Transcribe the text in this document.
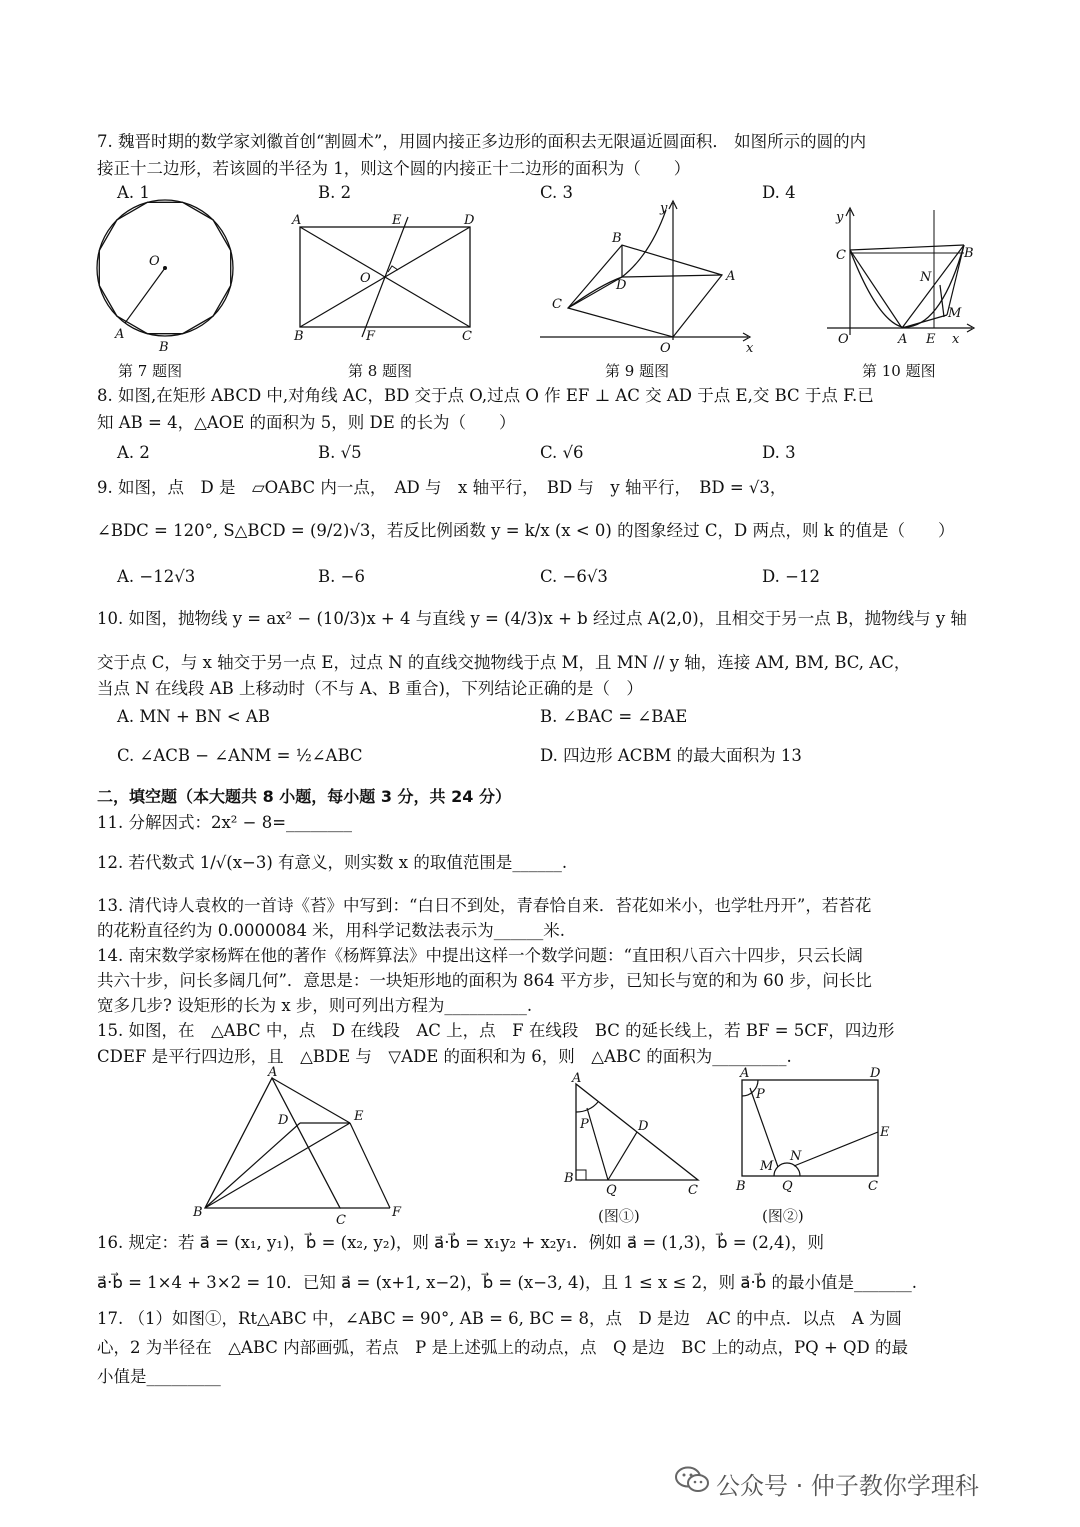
7. 魏晋时期的数学家刘徽首创“割圆术”，用圆内接正多边形的面积去无限逼近圆面积． 如图所示的圆的内
接正十二边形，若该圆的半径为 1，则这个圆的内接正十二边形的面积为（　　）
A. 1	B. 2	C. 3	D. 4
O
A
B
A	E	D
O
B	F	C
y
B
D
A
C
O	x
y
C	B
N
M
O	A E x
第 7 题图	第 8 题图	第 9 题图	第 10 题图
8. 如图,在矩形 ABCD 中,对角线 AC，BD 交于点 O,过点 O 作 EF ⊥ AC 交 AD 于点 E,交 BC 于点 F.已
知 AB = 4，△AOE 的面积为 5，则 DE 的长为（　　）
A. 2	B. √5	C. √6	D. 3
9. 如图，点　D 是　▱OABC 内一点，　AD 与　x 轴平行，　BD 与　y 轴平行，　BD = √3，
∠BDC = 120°, S△BCD = (9/2)√3，若反比例函数 y = k/x (x < 0) 的图象经过 C，D 两点，则 k 的值是（　　）
A. −12√3	B. −6	C. −6√3	D. −12
10. 如图，抛物线 y = ax² − (10/3)x + 4 与直线 y = (4/3)x + b 经过点 A(2,0)，且相交于另一点 B，抛物线与 y 轴
交于点 C，与 x 轴交于另一点 E，过点 N 的直线交抛物线于点 M，且 MN // y 轴，连接 AM, BM, BC, AC，
当点 N 在线段 AB 上移动时（不与 A、B 重合)，下列结论正确的是（　）
A. MN + BN < AB	B. ∠BAC = ∠BAE
C. ∠ACB − ∠ANM = ½∠ABC	D. 四边形 ACBM 的最大面积为 13
二，填空题（本大题共 8 小题，每小题 3 分，共 24 分）
11. 分解因式：2x² − 8=________
12. 若代数式 1/√(x−3) 有意义，则实数 x 的取值范围是______.
13. 清代诗人袁枚的一首诗《苔》中写到：“白日不到处，青春恰自来．苔花如米小，也学牡丹开”，若苔花
的花粉直径约为 0.0000084 米，用科学记数法表示为______米.
14. 南宋数学家杨辉在他的著作《杨辉算法》中提出这样一个数学问题：“直田积八百六十四步，只云长阔
共六十步，问长多阔几何”．意思是：一块矩形地的面积为 864 平方步，已知长与宽的和为 60 步，问长比
宽多几步? 设矩形的长为 x 步，则可列出方程为__________.
15. 如图，在　△ABC 中，点　D 在线段　AC 上，点　F 在线段　BC 的延长线上，若 BF = 5CF，四边形
CDEF 是平行四边形，且　△BDE 与　▽ADE 的面积和为 6，则　△ABC 的面积为_________.
A
D	E
B
C
F
A
P	D
B
Q	C
(图①)
A	D
P
E
M
N
B	Q	C
(图②)
16. 规定：若 a⃗ = (x₁, y₁)，b⃗ = (x₂, y₂)，则 a⃗·b⃗ = x₁y₂ + x₂y₁．例如 a⃗ = (1,3)，b⃗ = (2,4)，则
a⃗·b⃗ = 1×4 + 3×2 = 10．已知 a⃗ = (x+1, x−2)，b⃗ = (x−3, 4)，且 1 ≤ x ≤ 2，则 a⃗·b⃗ 的最小值是_______.
17. （1）如图①，Rt△ABC 中，∠ABC = 90°, AB = 6, BC = 8，点　D 是边　AC 的中点．以点　A 为圆
心，2 为半径在　△ABC 内部画弧，若点　P 是上述弧上的动点，点　Q 是边　BC 上的动点，PQ + QD 的最
小值是_________
公众号 · 仲子教你学理科
